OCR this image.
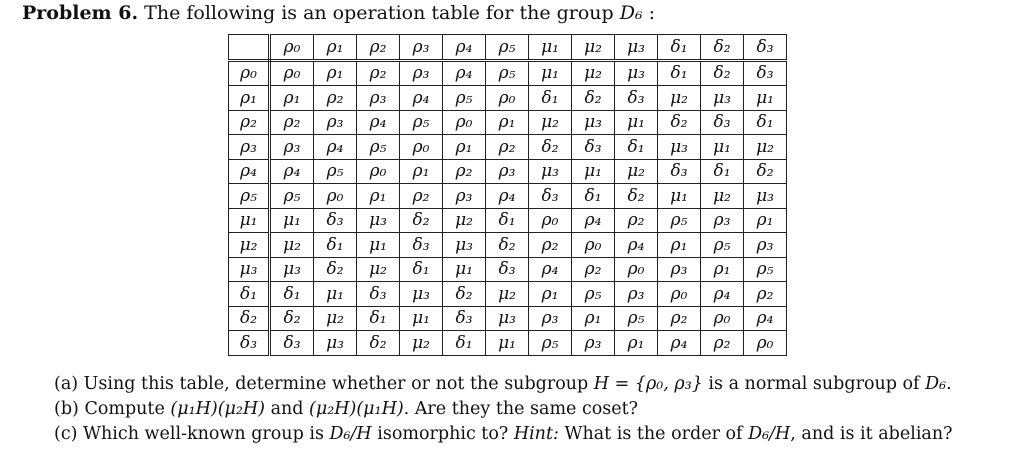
Problem 6. The following is an operation table for the group D₆ :
	ρ₀	ρ₁	ρ₂	ρ₃	ρ₄	ρ₅	μ₁	μ₂	μ₃	δ₁	δ₂	δ₃
ρ₀	ρ₀	ρ₁	ρ₂	ρ₃	ρ₄	ρ₅	μ₁	μ₂	μ₃	δ₁	δ₂	δ₃
ρ₁	ρ₁	ρ₂	ρ₃	ρ₄	ρ₅	ρ₀	δ₁	δ₂	δ₃	μ₂	μ₃	μ₁
ρ₂	ρ₂	ρ₃	ρ₄	ρ₅	ρ₀	ρ₁	μ₂	μ₃	μ₁	δ₂	δ₃	δ₁
ρ₃	ρ₃	ρ₄	ρ₅	ρ₀	ρ₁	ρ₂	δ₂	δ₃	δ₁	μ₃	μ₁	μ₂
ρ₄	ρ₄	ρ₅	ρ₀	ρ₁	ρ₂	ρ₃	μ₃	μ₁	μ₂	δ₃	δ₁	δ₂
ρ₅	ρ₅	ρ₀	ρ₁	ρ₂	ρ₃	ρ₄	δ₃	δ₁	δ₂	μ₁	μ₂	μ₃
μ₁	μ₁	δ₃	μ₃	δ₂	μ₂	δ₁	ρ₀	ρ₄	ρ₂	ρ₅	ρ₃	ρ₁
μ₂	μ₂	δ₁	μ₁	δ₃	μ₃	δ₂	ρ₂	ρ₀	ρ₄	ρ₁	ρ₅	ρ₃
μ₃	μ₃	δ₂	μ₂	δ₁	μ₁	δ₃	ρ₄	ρ₂	ρ₀	ρ₃	ρ₁	ρ₅
δ₁	δ₁	μ₁	δ₃	μ₃	δ₂	μ₂	ρ₁	ρ₅	ρ₃	ρ₀	ρ₄	ρ₂
δ₂	δ₂	μ₂	δ₁	μ₁	δ₃	μ₃	ρ₃	ρ₁	ρ₅	ρ₂	ρ₀	ρ₄
δ₃	δ₃	μ₃	δ₂	μ₂	δ₁	μ₁	ρ₅	ρ₃	ρ₁	ρ₄	ρ₂	ρ₀
(a) Using this table, determine whether or not the subgroup H = {ρ₀, ρ₃} is a normal subgroup of D₆.
(b) Compute (μ₁H)(μ₂H) and (μ₂H)(μ₁H). Are they the same coset?
(c) Which well-known group is D₆/H isomorphic to? Hint: What is the order of D₆/H, and is it abelian?
